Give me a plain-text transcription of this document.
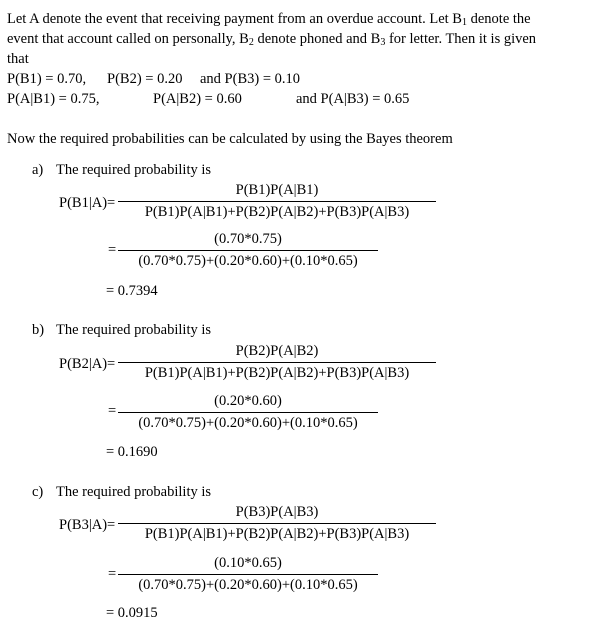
Let A denote the event that receiving payment from an overdue account. Let $B_1$ denote the
event that account called on personally, $B_2$ denote phoned and $B_3$ for letter. Then it is given
that
P(B1) = 0.70, P(B2) = 0.20 and P(B3) = 0.10
P(A|B1) = 0.75,	P(A|B2) = 0.60	and P(A|B3) = 0.65
Now the required probabilities can be calculated by using the Bayes theorem
a) The required probability is
P(B1|A)=
P(B1)P(A|B1)
P(B1)P(A|B1)+P(B2)P(A|B2)+P(B3)P(A|B3)
=
(0.70*0.75)
(0.70*0.75)+(0.20*0.60)+(0.10*0.65)
= 0.7394
b) The required probability is
P(B2|A)=
P(B2)P(A|B2)
P(B1)P(A|B1)+P(B2)P(A|B2)+P(B3)P(A|B3)
=
(0.20*0.60)
(0.70*0.75)+(0.20*0.60)+(0.10*0.65)
= 0.1690
c) The required probability is
P(B3|A)=
P(B3)P(A|B3)
P(B1)P(A|B1)+P(B2)P(A|B2)+P(B3)P(A|B3)
=
(0.10*0.65)
(0.70*0.75)+(0.20*0.60)+(0.10*0.65)
= 0.0915
